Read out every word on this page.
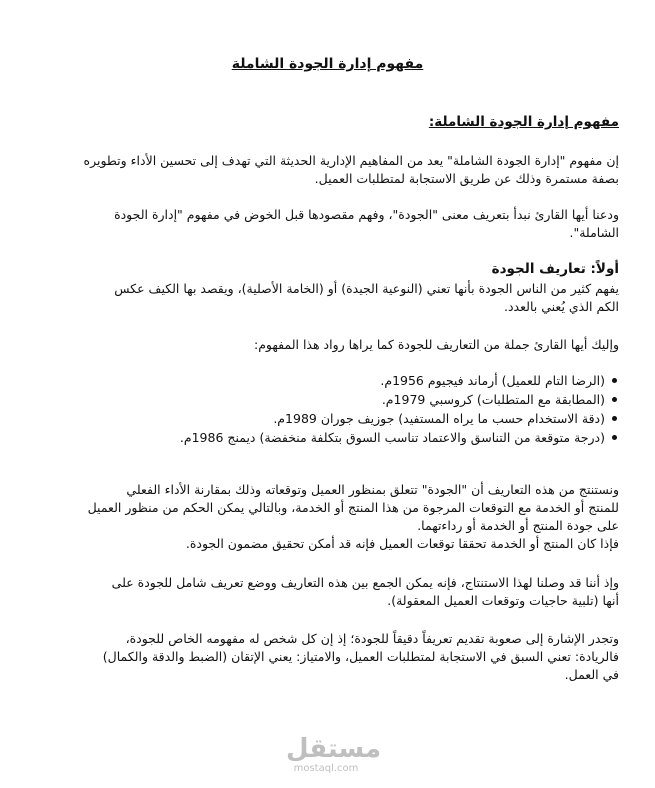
مفهوم إدارة الجودة الشاملة
مفهوم إدارة الجودة الشاملة:

إن مفهوم "إدارة الجودة الشاملة" يعد من المفاهيم الإدارية الحديثة التي تهدف إلى تحسين الأداء وتطويره

بصفة مستمرة وذلك عن طريق الاستجابة لمتطلبات العميل.

ودعنا أيها القارئ نبدأ بتعريف معنى "الجودة"، وفهم مقصودها قبل الخوض في مفهوم "إدارة الجودة

الشاملة".

أولاً: تعاريف الجودة

يفهم كثير من الناس الجودة بأنها تعني (النوعية الجيدة) أو (الخامة الأصلية)، ويقصد بها الكيف عكس

الكم الذي يُعني بالعدد.

وإليك أيها القارئ جملة من التعاريف للجودة كما يراها رواد هذا المفهوم:
(الرضا التام للعميل) أرماند فيجيوم 1956م.
(المطابقة مع المتطلبات) كروسبي 1979م.
(دقة الاستخدام حسب ما يراه المستفيد) جوزيف جوران 1989م.
(درجة متوقعة من التناسق والاعتماد تناسب السوق بتكلفة منخفضة) ديمنج 1986م.

ونستنتج من هذه التعاريف أن "الجودة" تتعلق بمنظور العميل وتوقعاته وذلك بمقارنة الأداء الفعلي

للمنتج أو الخدمة مع التوقعات المرجوة من هذا المنتج أو الخدمة، وبالتالي يمكن الحكم من منظور العميل

على جودة المنتج أو الخدمة أو رداءتهما.

فإذا كان المنتج أو الخدمة تحققا توقعات العميل فإنه قد أمكن تحقيق مضمون الجودة.

وإذ أننا قد وصلنا لهذا الاستنتاج، فإنه يمكن الجمع بين هذه التعاريف ووضع تعريف شامل للجودة على

أنها (تلبية حاجيات وتوقعات العميل المعقولة).

وتجدر الإشارة إلى صعوبة تقديم تعريفاً دقيقاً للجودة؛ إذ إن كل شخص له مفهومه الخاص للجودة،

فالريادة: تعني السبق في الاستجابة لمتطلبات العميل، والامتياز: يعني الإتقان (الضبط والدقة والكمال)

في العمل.

مستقل
mostaql.com
